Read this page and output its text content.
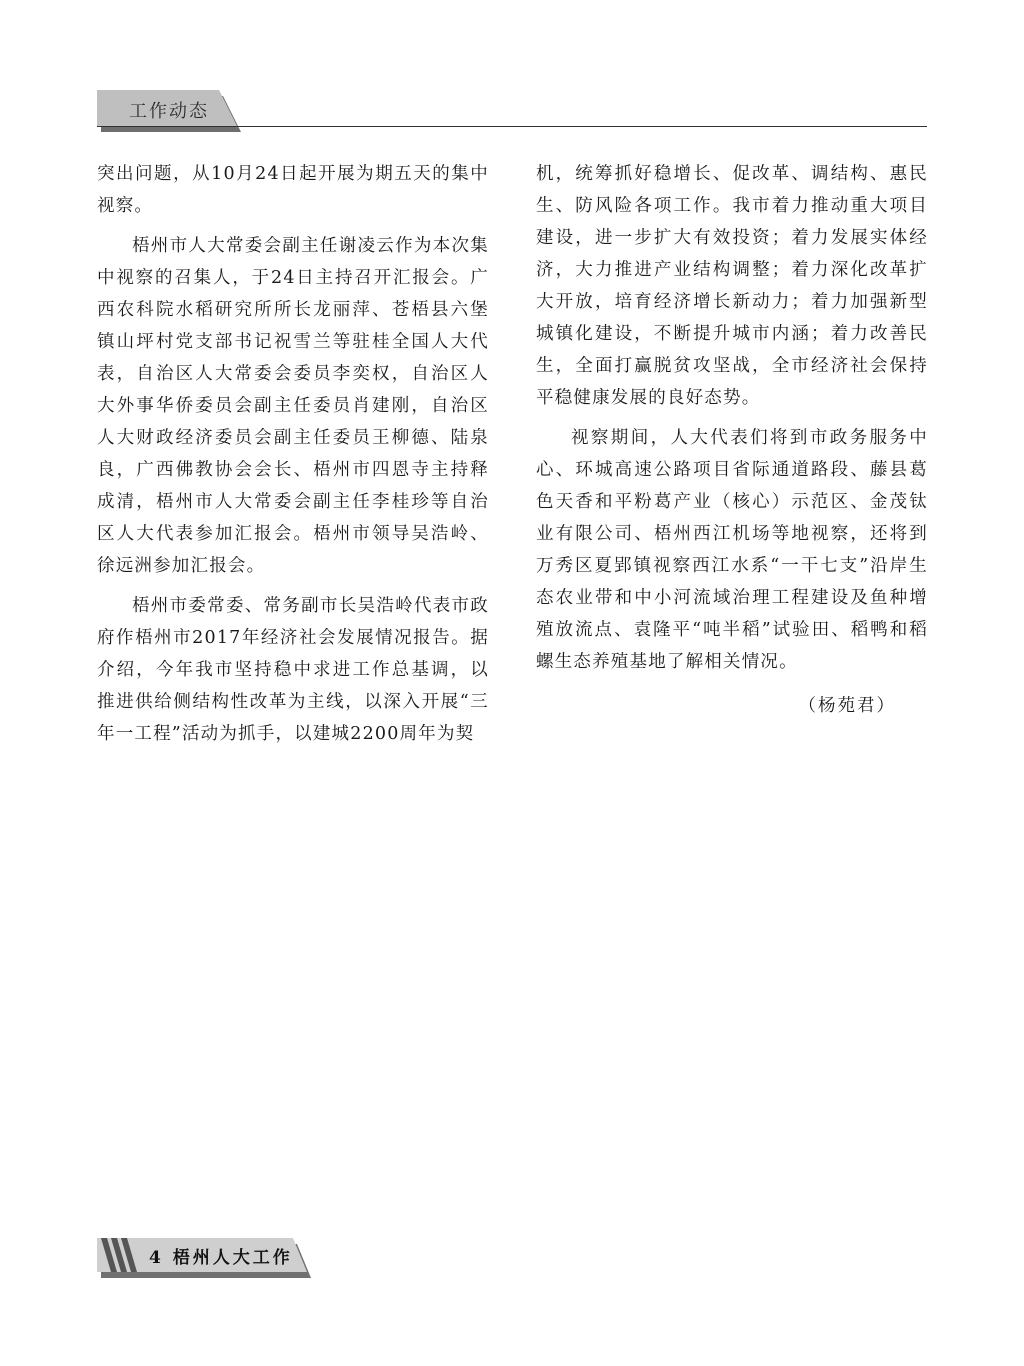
工作动态

突出问题，从10月24日起开展为期五天的集中视察。

梧州市人大常委会副主任谢凌云作为本次集中视察的召集人，于24日主持召开汇报会。广西农科院水稻研究所所长龙丽萍、苍梧县六堡镇山坪村党支部书记祝雪兰等驻桂全国人大代表，自治区人大常委会委员李奕权，自治区人大外事华侨委员会副主任委员肖建刚，自治区人大财政经济委员会副主任委员王柳德、陆泉良，广西佛教协会会长、梧州市四恩寺主持释成清，梧州市人大常委会副主任李桂珍等自治区人大代表参加汇报会。梧州市领导吴浩岭、徐远洲参加汇报会。

梧州市委常委、常务副市长吴浩岭代表市政府作梧州市2017年经济社会发展情况报告。据介绍，今年我市坚持稳中求进工作总基调，以推进供给侧结构性改革为主线，以深入开展“三年一工程”活动为抓手，以建城2200周年为契

机，统筹抓好稳增长、促改革、调结构、惠民生、防风险各项工作。我市着力推动重大项目建设，进一步扩大有效投资；着力发展实体经济，大力推进产业结构调整；着力深化改革扩大开放，培育经济增长新动力；着力加强新型城镇化建设，不断提升城市内涵；着力改善民生，全面打赢脱贫攻坚战，全市经济社会保持平稳健康发展的良好态势。

视察期间，人大代表们将到市政务服务中心、环城高速公路项目省际通道路段、藤县葛色天香和平粉葛产业（核心）示范区、金茂钛业有限公司、梧州西江机场等地视察，还将到万秀区夏郢镇视察西江水系“一干七支”沿岸生态农业带和中小河流域治理工程建设及鱼种增殖放流点、袁隆平“吨半稻”试验田、稻鸭和稻螺生态养殖基地了解相关情况。

（杨苑君）

4 梧州人大工作
